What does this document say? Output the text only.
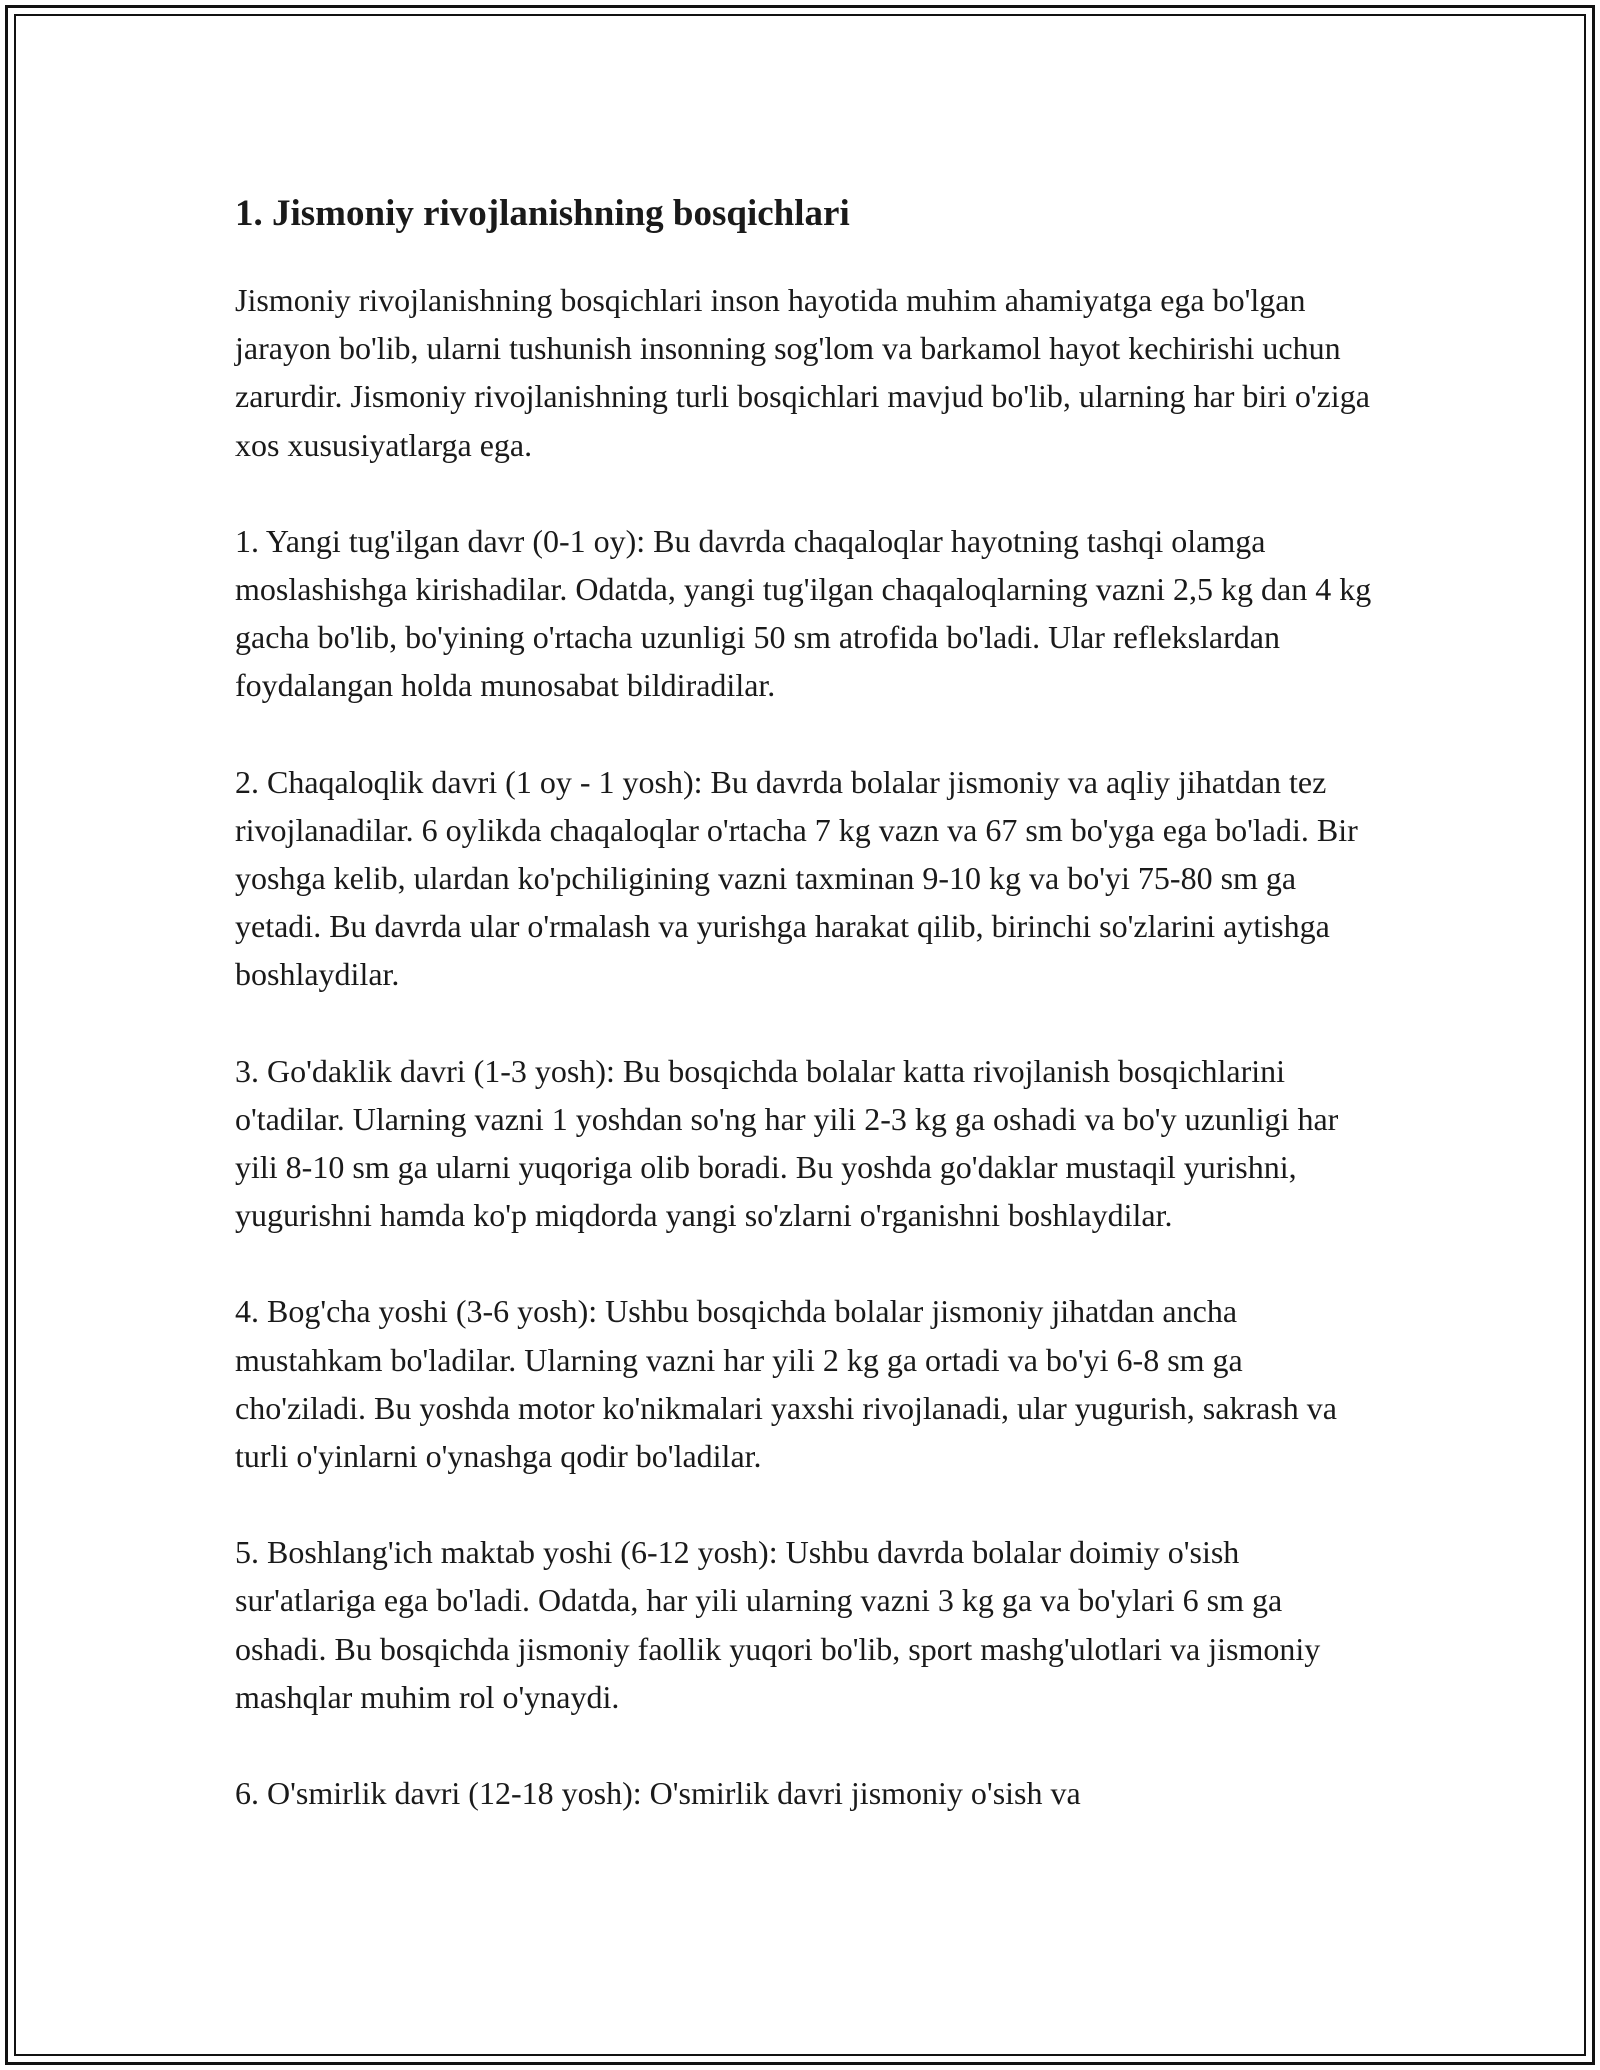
1. Jismoniy rivojlanishning bosqichlari

Jismoniy rivojlanishning bosqichlari inson hayotida muhim ahamiyatga ega bo'lgan jarayon bo'lib, ularni tushunish insonning sog'lom va barkamol hayot kechirishi uchun zarurdir. Jismoniy rivojlanishning turli bosqichlari mavjud bo'lib, ularning har biri o'ziga xos xususiyatlarga ega.

1. Yangi tug'ilgan davr (0-1 oy): Bu davrda chaqaloqlar hayotning tashqi olamga moslashishga kirishadilar. Odatda, yangi tug'ilgan chaqaloqlarning vazni 2,5 kg dan 4 kg gacha bo'lib, bo'yining o'rtacha uzunligi 50 sm atrofida bo'ladi. Ular reflekslardan foydalangan holda munosabat bildiradilar.

2. Chaqaloqlik davri (1 oy - 1 yosh): Bu davrda bolalar jismoniy va aqliy jihatdan tez rivojlanadilar. 6 oylikda chaqaloqlar o'rtacha 7 kg vazn va 67 sm bo'yga ega bo'ladi. Bir yoshga kelib, ulardan ko'pchiligining vazni taxminan 9-10 kg va bo'yi 75-80 sm ga yetadi. Bu davrda ular o'rmalash va yurishga harakat qilib, birinchi so'zlarini aytishga boshlaydilar.

3. Go'daklik davri (1-3 yosh): Bu bosqichda bolalar katta rivojlanish bosqichlarini o'tadilar. Ularning vazni 1 yoshdan so'ng har yili 2-3 kg ga oshadi va bo'y uzunligi har yili 8-10 sm ga ularni yuqoriga olib boradi. Bu yoshda go'daklar mustaqil yurishni, yugurishni hamda ko'p miqdorda yangi so'zlarni o'rganishni boshlaydilar.

4. Bog'cha yoshi (3-6 yosh): Ushbu bosqichda bolalar jismoniy jihatdan ancha mustahkam bo'ladilar. Ularning vazni har yili 2 kg ga ortadi va bo'yi 6-8 sm ga cho'ziladi. Bu yoshda motor ko'nikmalari yaxshi rivojlanadi, ular yugurish, sakrash va turli o'yinlarni o'ynashga qodir bo'ladilar.

5. Boshlang'ich maktab yoshi (6-12 yosh): Ushbu davrda bolalar doimiy o'sish sur'atlariga ega bo'ladi. Odatda, har yili ularning vazni 3 kg ga va bo'ylari 6 sm ga oshadi. Bu bosqichda jismoniy faollik yuqori bo'lib, sport mashg'ulotlari va jismoniy mashqlar muhim rol o'ynaydi.

6. O'smirlik davri (12-18 yosh): O'smirlik davri jismoniy o'sish va
